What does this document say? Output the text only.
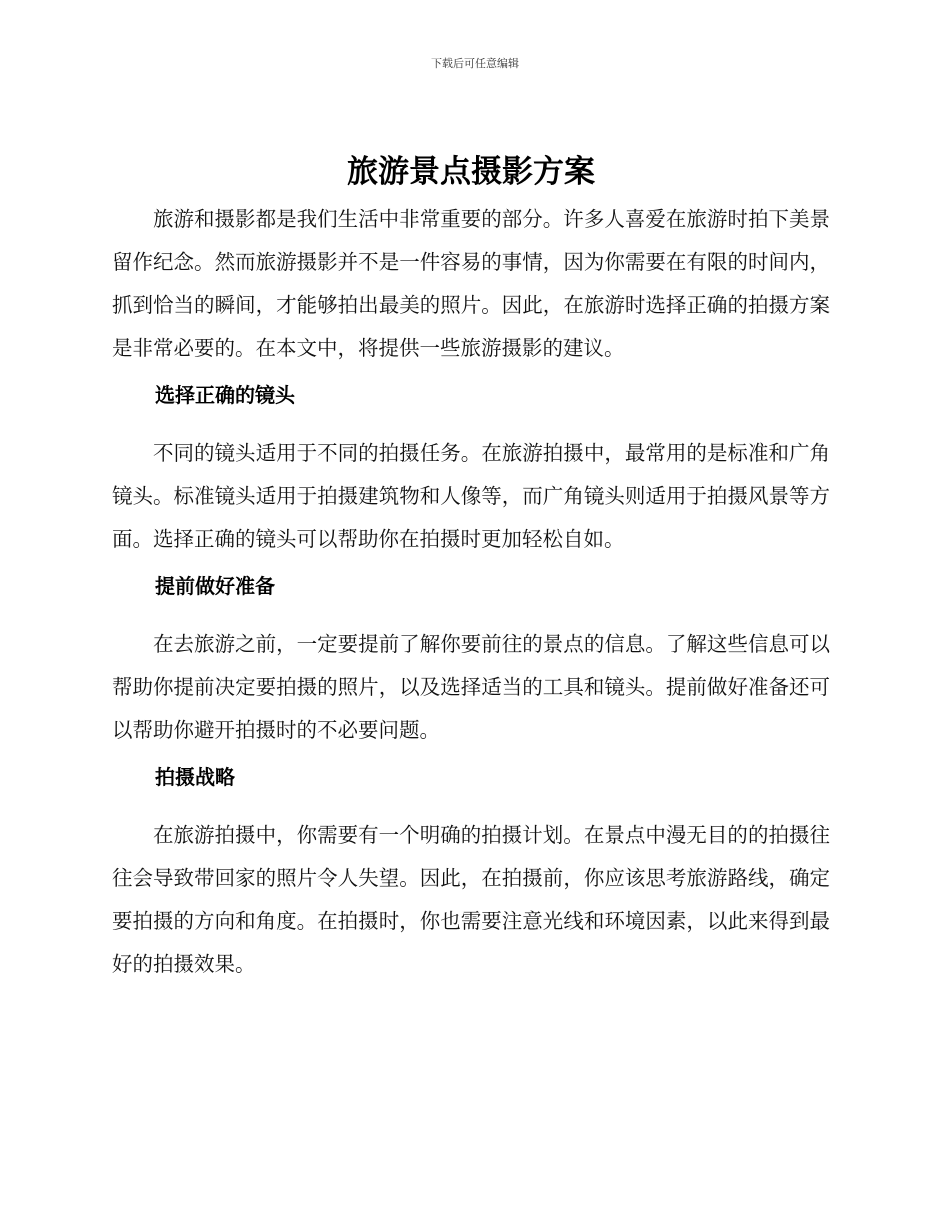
下载后可任意编辑
旅游景点摄影方案

旅游和摄影都是我们生活中非常重要的部分。许多人喜爱在旅游时拍下美景留作纪念。然而旅游摄影并不是一件容易的事情，因为你需要在有限的时间内，抓到恰当的瞬间，才能够拍出最美的照片。因此，在旅游时选择正确的拍摄方案是非常必要的。在本文中，将提供一些旅游摄影的建议。

选择正确的镜头

不同的镜头适用于不同的拍摄任务。在旅游拍摄中，最常用的是标准和广角镜头。标准镜头适用于拍摄建筑物和人像等，而广角镜头则适用于拍摄风景等方面。选择正确的镜头可以帮助你在拍摄时更加轻松自如。

提前做好准备

在去旅游之前，一定要提前了解你要前往的景点的信息。了解这些信息可以帮助你提前决定要拍摄的照片，以及选择适当的工具和镜头。提前做好准备还可以帮助你避开拍摄时的不必要问题。

拍摄战略

在旅游拍摄中，你需要有一个明确的拍摄计划。在景点中漫无目的的拍摄往往会导致带回家的照片令人失望。因此，在拍摄前，你应该思考旅游路线，确定要拍摄的方向和角度。在拍摄时，你也需要注意光线和环境因素，以此来得到最好的拍摄效果。
